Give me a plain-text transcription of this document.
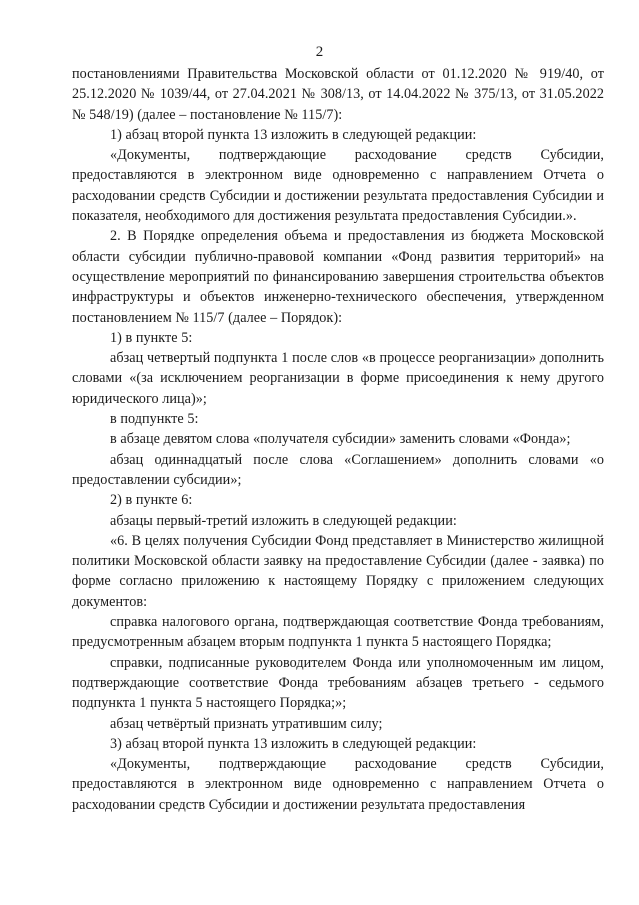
2

постановлениями Правительства Московской области от 01.12.2020 № 919/40, от 25.12.2020 № 1039/44, от 27.04.2021 № 308/13, от 14.04.2022 № 375/13, от 31.05.2022 № 548/19) (далее – постановление № 115/7):

1) абзац второй пункта 13 изложить в следующей редакции:

«Документы, подтверждающие расходование средств Субсидии, предоставляются в электронном виде одновременно с направлением Отчета о расходовании средств Субсидии и достижении результата предоставления Субсидии и показателя, необходимого для достижения результата предоставления Субсидии.».

2. В Порядке определения объема и предоставления из бюджета Московской области субсидии публично-правовой компании «Фонд развития территорий» на осуществление мероприятий по финансированию завершения строительства объектов инфраструктуры и объектов инженерно-технического обеспечения, утвержденном постановлением № 115/7 (далее – Порядок):

1) в пункте 5:

абзац четвертый подпункта 1 после слов «в процессе реорганизации» дополнить словами «(за исключением реорганизации в форме присоединения к нему другого юридического лица)»;

в подпункте 5:

в абзаце девятом слова «получателя субсидии» заменить словами «Фонда»;

абзац одиннадцатый после слова «Соглашением» дополнить словами «о предоставлении субсидии»;

2) в пункте 6:

абзацы первый-третий изложить в следующей редакции:

«6. В целях получения Субсидии Фонд представляет в Министерство жилищной политики Московской области заявку на предоставление Субсидии (далее - заявка) по форме согласно приложению к настоящему Порядку с приложением следующих документов:

справка налогового органа, подтверждающая соответствие Фонда требованиям, предусмотренным абзацем вторым подпункта 1 пункта 5 настоящего Порядка;

справки, подписанные руководителем Фонда или уполномоченным им лицом, подтверждающие соответствие Фонда требованиям абзацев третьего - седьмого подпункта 1 пункта 5 настоящего Порядка;»;

абзац четвёртый признать утратившим силу;

3) абзац второй пункта 13 изложить в следующей редакции:

«Документы, подтверждающие расходование средств Субсидии, предоставляются в электронном виде одновременно с направлением Отчета о расходовании средств Субсидии и достижении результата предоставления
